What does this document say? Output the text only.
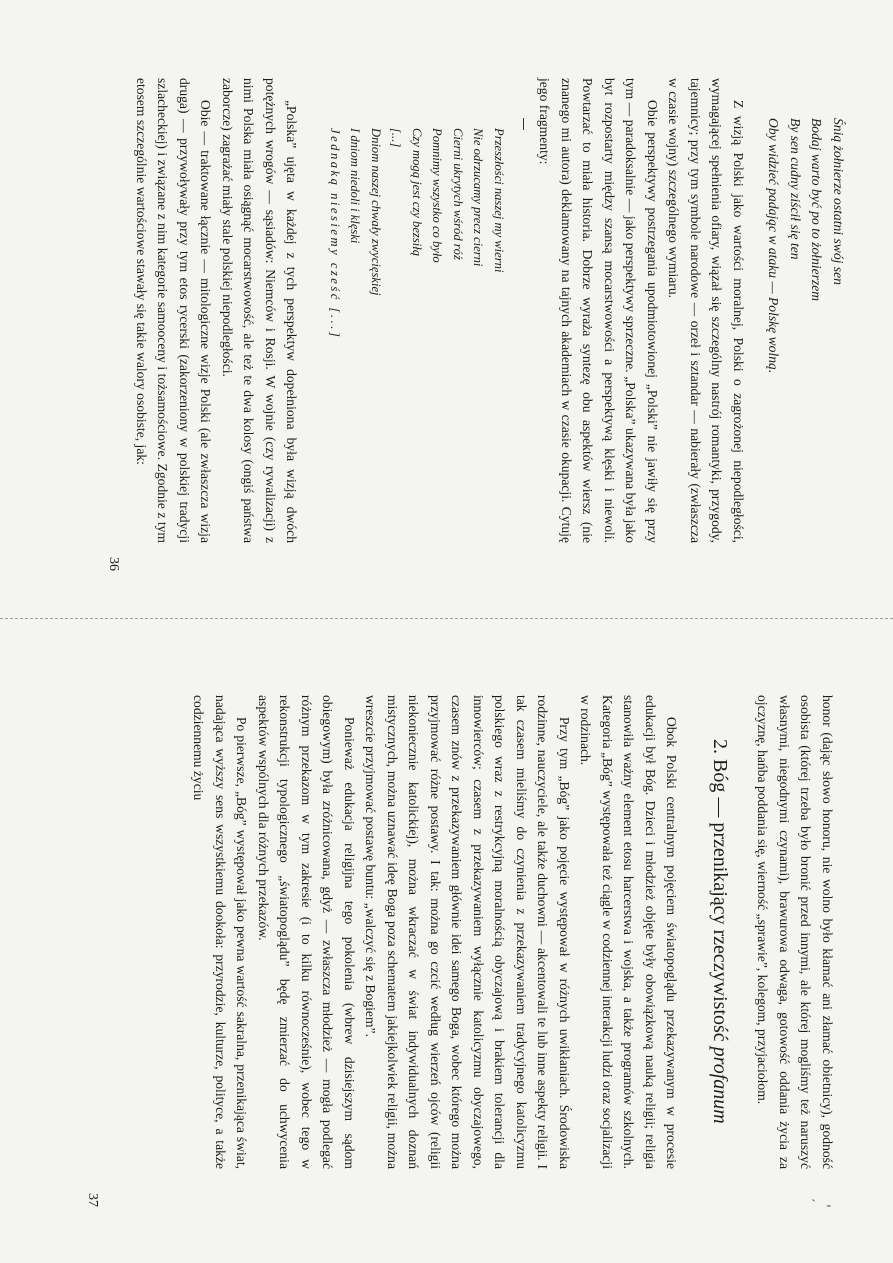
Śnią żołnierze ostatni swój sen
Bodaj warto być po to żołnierzem
By sen cudny ziścił się ten
Oby widzieć padając w ataku — Polskę wolną.

Z wizją Polski jako wartości moralnej, Polski o zagrożonej niepodległości, wymagającej spełnienia ofiary, wiązał się szczególny nastrój romantyki, przygody, tajemnicy; przy tym symbole narodowe — orzeł i sztandar — nabierały (zwłaszcza w czasie wojny) szczególnego wymiaru.

Obie perspektywy postrzegania upodmiotowionej „Polski” nie jawiły się przy tym — paradoksalnie — jako perspektywy sprzeczne. „Polska” ukazywana była jako byt rozpostarty między szansą mocarstwowości a perspektywą klęski i niewoli. Powtarzać to miała historia. Dobrze wyraża syntezę obu aspektów wiersz (nie znanego mi autora) deklamowany na tajnych akademiach w czasie okupacji. Cytuję jego fragmenty:

Przeszłości naszej my wierni
Nie odrzucamy precz cierni
Cierni ukrytych wśród róż
Pomnimy wszystko co było
Czy mogą jest czy bezsiłą
[...]
Dniom naszej chwały zwycięskiej
I dniom niedoli i klęski
Jednaką niesiemy cześć [...]

„Polska” ujęta w każdej z tych perspektyw dopełniona była wizją dwóch potężnych wrogów — sąsiadów: Niemców i Rosji. W wojnie (czy rywalizacji) z nimi Polska miała osiągnąć mocarstwowość, ale też te dwa kolosy (ongiś państwa zaborcze) zagrażać miały stale polskiej niepodległości.

Obie — traktowane łącznie — mitologiczne wizje Polski (ale zwłaszcza wizja druga) — przywoływały przy tym etos rycerski (zakorzeniony w polskiej tradycji szlacheckiej) i związane z nim kategorie samooceny i tożsamościowe. Zgodnie z tym etosem szczególnie wartościowe stawały się takie walory osobiste, jak:

36

honor (dając słowo honoru, nie wolno było kłamać ani złamać obietnicy), godność osobista (której trzeba było bronić przed innymi, ale której mogliśmy też naruszyć własnymi, niegodnymi czynami), brawurowa odwaga, gotowość oddania życia za ojczyznę, hańba poddania się, wierność „sprawie”, kolegom, przyjaciołom.

2. Bóg — przenikający rzeczywistość profanum

Obok Polski centralnym pojęciem światopoglądu przekazywanym w procesie edukacji był Bóg. Dzieci i młodzież objęte były obowiązkową nauką religii; religia stanowiła ważny element etosu harcerstwa i wojska, a także programów szkolnych. Kategoria „Bóg” występowała też ciągle w codziennej interakcji ludzi oraz socjalizacji w rodzinach.

Przy tym „Bóg” jako pojęcie występował w różnych uwikłaniach. Środowiska rodzinne, nauczyciele, ale także duchowni — akcentowali te lub inne aspekty religii. I tak czasem mieliśmy do czynienia z przekazywaniem tradycyjnego katolicyzmu polskiego wraz z restrykcyjną moralnością obyczajową i brakiem tolerancji dla innowierców; czasem z przekazywaniem wyłącznie katolicyzmu obyczajowego, czasem znów z przekazywaniem głównie idei samego Boga, wobec którego można przyjmować różne postawy. I tak: można go czcić według wierzeń ojców (religii niekoniecznie katolickiej), można wkraczać w świat indywidualnych doznań mistycznych, można uznawać ideę Boga poza schematem jakiejkolwiek religii, można wreszcie przyjmować postawę buntu: „walczyć się z Bogiem”.

Ponieważ edukacja religijna tego pokolenia (wbrew dzisiejszym sądom obiegowym) była zróżnicowana, gdyż — zwłaszcza młodzież — mogła podlegać różnym przekazom w tym zakresie (i to kilku równocześnie), wobec tego w rekonstrukcji typologicznego „światopoglądu” będę zmierzać do uchwycenia aspektów wspólnych dla różnych przekazów.

Po pierwsze, „Bóg” występował jako pewna wartość sakralna, przenikająca świat, nadająca wyższy sens wszystkiemu dookoła: przyrodzie, kulturze, polityce, a także codziennemu życiu

37	ˋ   -
